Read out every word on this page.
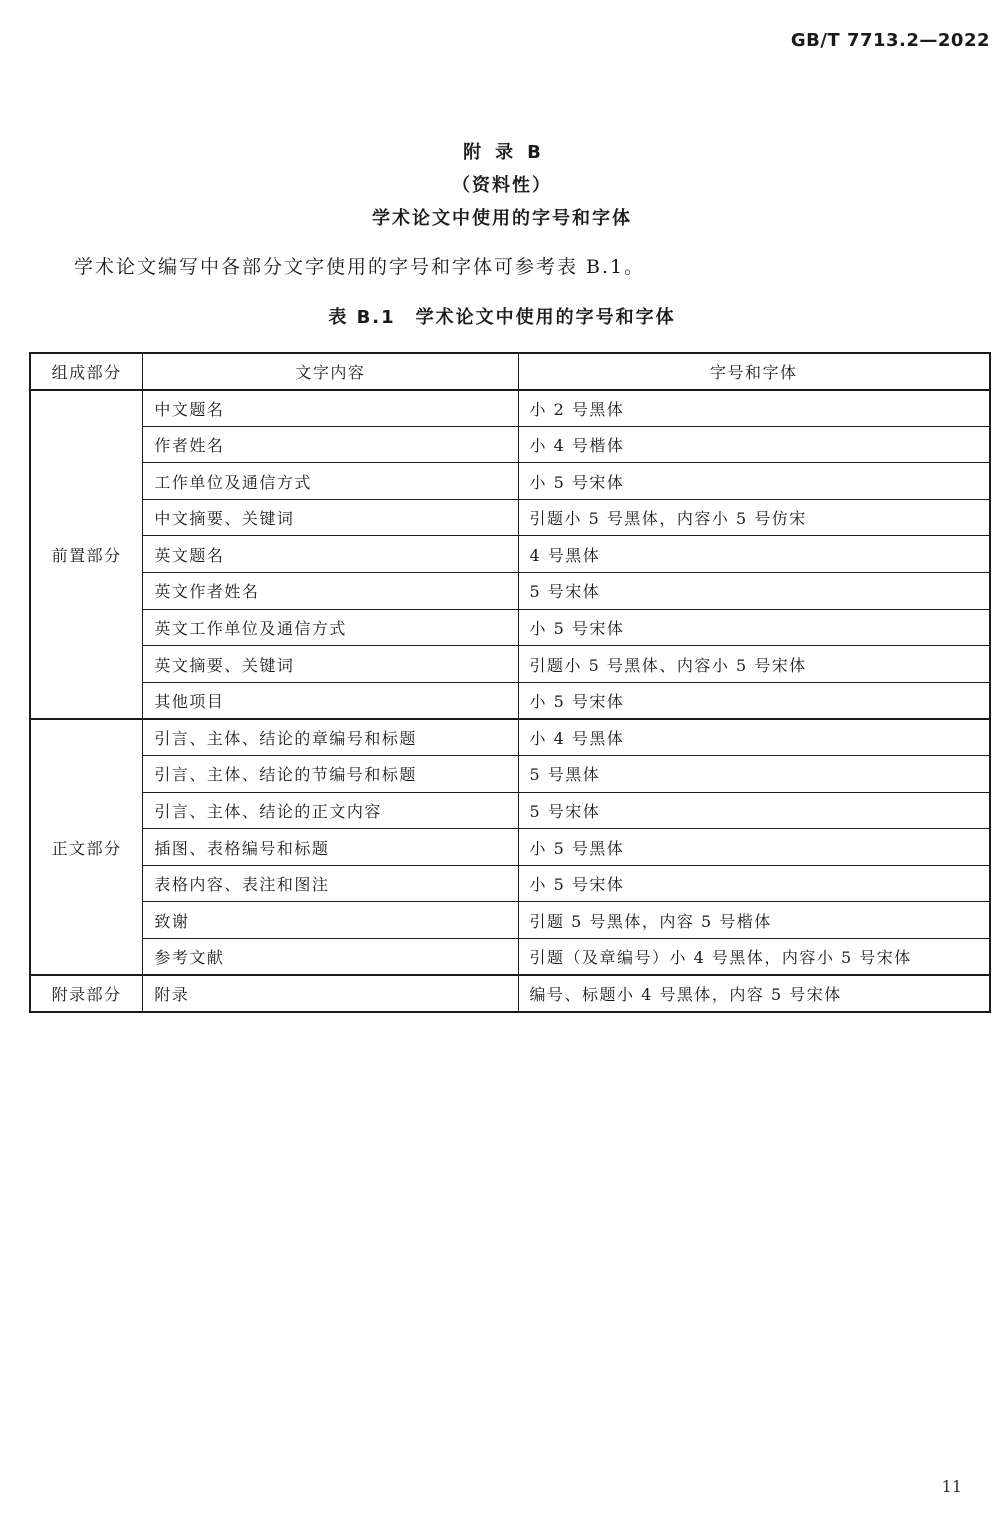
GB/T 7713.2—2022
附录B
（资料性）
学术论文中使用的字号和字体
学术论文编写中各部分文字使用的字号和字体可参考表 B.1。
表 B.1　学术论文中使用的字号和字体
组成部分	文字内容	字号和字体
前置部分	中文题名	小 2 号黑体
	作者姓名	小 4 号楷体
	工作单位及通信方式	小 5 号宋体
	中文摘要、关键词	引题小 5 号黑体，内容小 5 号仿宋
	英文题名	4 号黑体
	英文作者姓名	5 号宋体
	英文工作单位及通信方式	小 5 号宋体
	英文摘要、关键词	引题小 5 号黑体、内容小 5 号宋体
	其他项目	小 5 号宋体
正文部分	引言、主体、结论的章编号和标题	小 4 号黑体
	引言、主体、结论的节编号和标题	5 号黑体
	引言、主体、结论的正文内容	5 号宋体
	插图、表格编号和标题	小 5 号黑体
	表格内容、表注和图注	小 5 号宋体
	致谢	引题 5 号黑体，内容 5 号楷体
	参考文献	引题（及章编号）小 4 号黑体，内容小 5 号宋体
附录部分	附录	编号、标题小 4 号黑体，内容 5 号宋体
11
